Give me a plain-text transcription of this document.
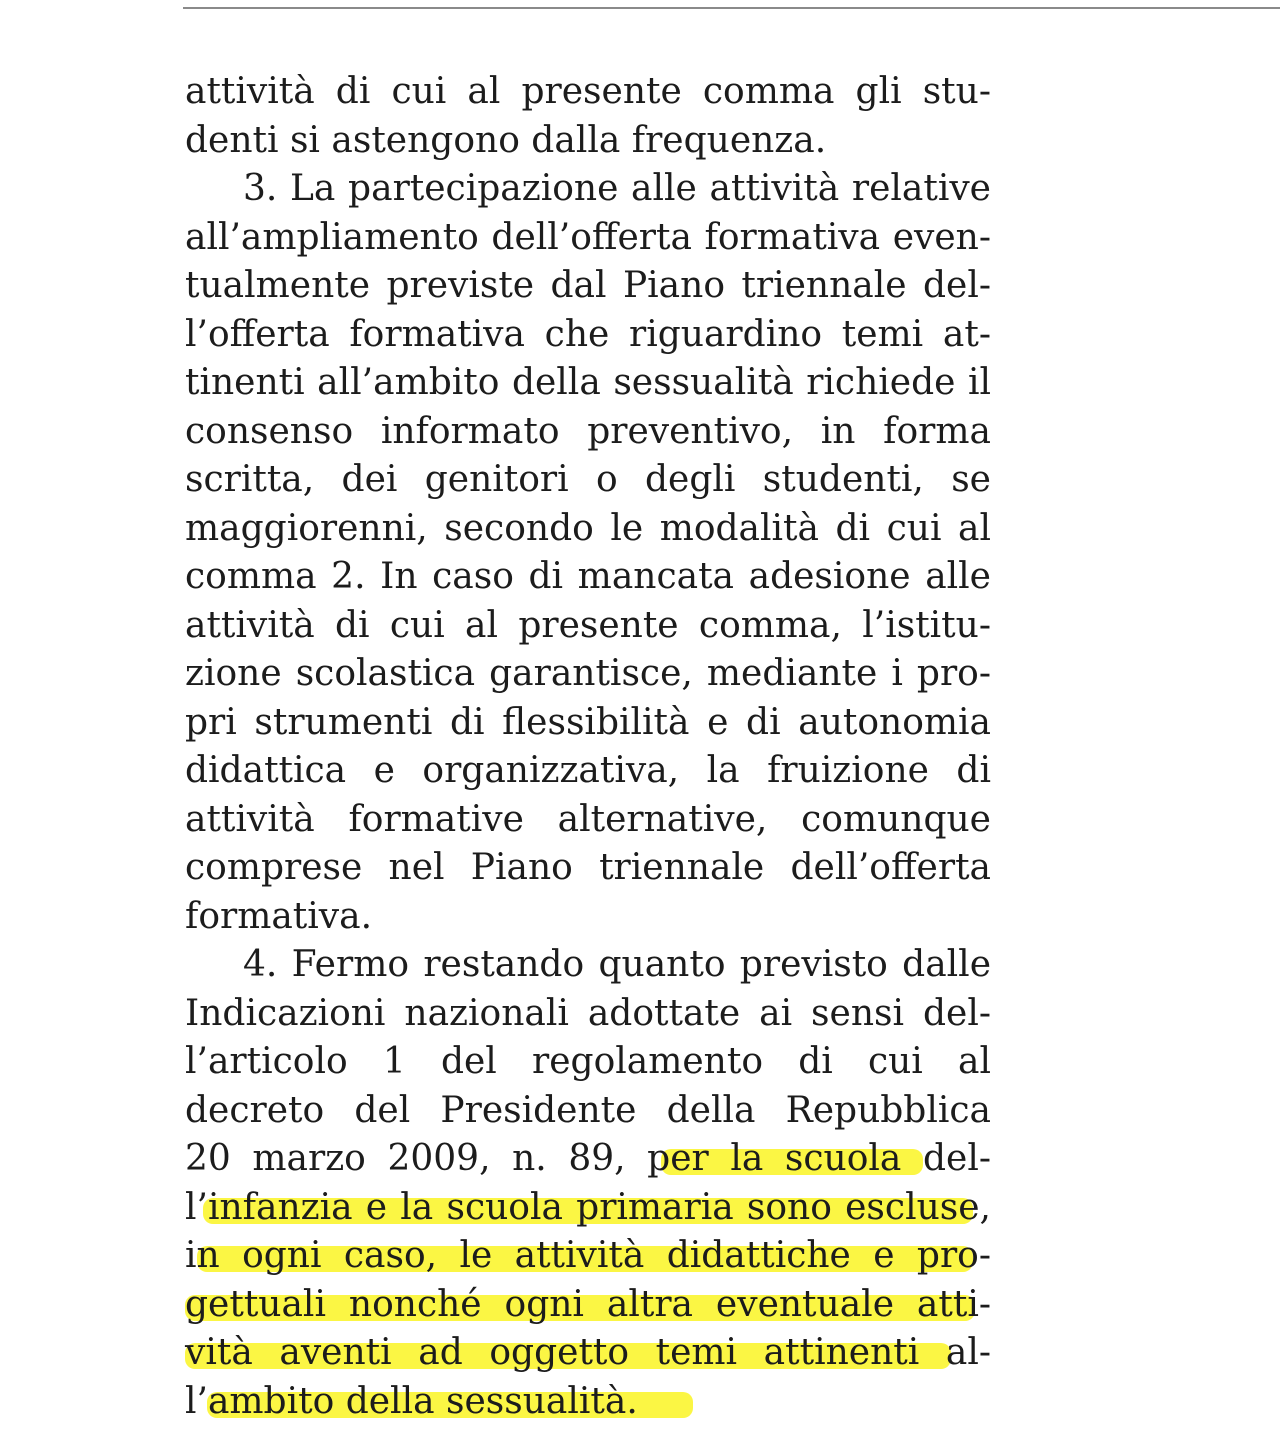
attività di cui al presente comma gli stu-
denti si astengono dalla frequenza.
3. La partecipazione alle attività relative
all’ampliamento dell’offerta formativa even-
tualmente previste dal Piano triennale del-
l’offerta formativa che riguardino temi at-
tinenti all’ambito della sessualità richiede il
consenso informato preventivo, in forma
scritta, dei genitori o degli studenti, se
maggiorenni, secondo le modalità di cui al
comma 2. In caso di mancata adesione alle
attività di cui al presente comma, l’istitu-
zione scolastica garantisce, mediante i pro-
pri strumenti di flessibilità e di autonomia
didattica e organizzativa, la fruizione di
attività formative alternative, comunque
comprese nel Piano triennale dell’offerta
formativa.
4. Fermo restando quanto previsto dalle
Indicazioni nazionali adottate ai sensi del-
l’articolo 1 del regolamento di cui al
decreto del Presidente della Repubblica
20 marzo 2009, n. 89, per la scuola del-
l’infanzia e la scuola primaria sono escluse,
in ogni caso, le attività didattiche e pro-
gettuali nonché ogni altra eventuale atti-
vità aventi ad oggetto temi attinenti al-
l’ambito della sessualità.
